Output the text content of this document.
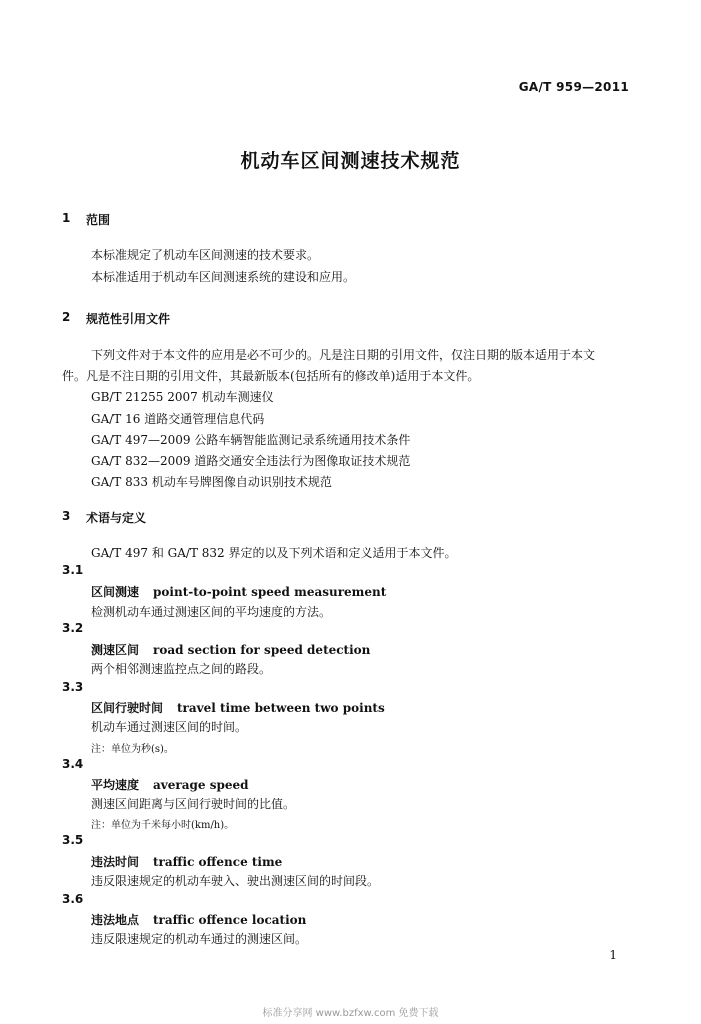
GA/T 959—2011
机动车区间测速技术规范
1 范围
本标准规定了机动车区间测速的技术要求。
本标准适用于机动车区间测速系统的建设和应用。
2 规范性引用文件
下列文件对于本文件的应用是必不可少的。凡是注日期的引用文件，仅注日期的版本适用于本文
件。凡是不注日期的引用文件，其最新版本(包括所有的修改单)适用于本文件。
GB/T 21255 2007 机动车测速仪
GA/T 16 道路交通管理信息代码
GA/T 497—2009 公路车辆智能监测记录系统通用技术条件
GA/T 832—2009 道路交通安全违法行为图像取证技术规范
GA/T 833 机动车号牌图像自动识别技术规范
3 术语与定义
GA/T 497 和 GA/T 832 界定的以及下列术语和定义适用于本文件。
3.1
区间测速 point-to-point speed measurement
检测机动车通过测速区间的平均速度的方法。
3.2
测速区间 road section for speed detection
两个相邻测速监控点之间的路段。
3.3
区间行驶时间 travel time between two points
机动车通过测速区间的时间。
注：单位为秒(s)。
3.4
平均速度 average speed
测速区间距离与区间行驶时间的比值。
注：单位为千米每小时(km/h)。
3.5
违法时间 traffic offence time
违反限速规定的机动车驶入、驶出测速区间的时间段。
3.6
违法地点 traffic offence location
违反限速规定的机动车通过的测速区间。
1
标准分享网 www.bzfxw.com 免费下载
